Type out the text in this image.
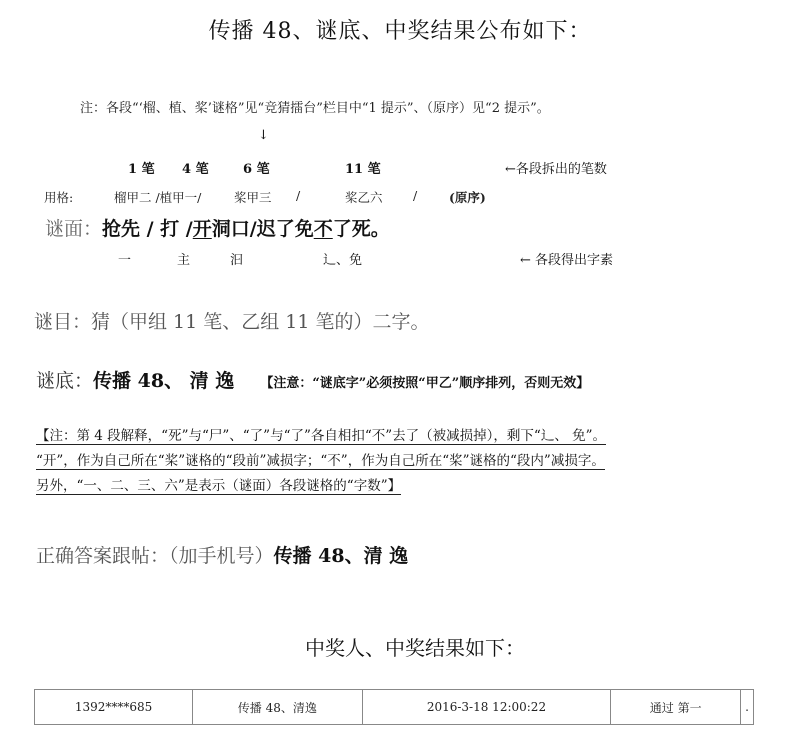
传播 48、谜底、中奖结果公布如下：
注：各段“‘榴、植、桨’谜格”见“竞猜擂台”栏目中“1 提示”、（原序）见“2 提示”。
↓
1 笔 4 笔	6 笔	11 笔	←各段拆出的笔数
用格:	榴甲二 /植甲一/	桨甲三 /	桨乙六 /	(原序)
谜面：抢先 / 打 /开洞口/迟了免不了死。
一	主	汩	辶、免	← 各段得出字素
谜目：猜（甲组 11 笔、乙组 11 笔的）二字。
谜底：传播 48、 清 逸 【注意：“谜底字”必须按照“甲乙”顺序排列，否则无效】
【注：第 4 段解释，“死”与“尸”、“了”与“了”各自相扣“不”去了（被减损掉），剩下“辶、 免”。
“开”，作为自己所在“桨”谜格的“段前”减损字；“不”，作为自己所在“桨”谜格的“段内”减损字。
另外，“一、二、三、六”是表示（谜面）各段谜格的“字数”】
正确答案跟帖：（加手机号）传播 48、清 逸
中奖人、中奖结果如下：
1392****685	传播 48、清逸	2016-3-18 12:00:22	通过 第一	.
